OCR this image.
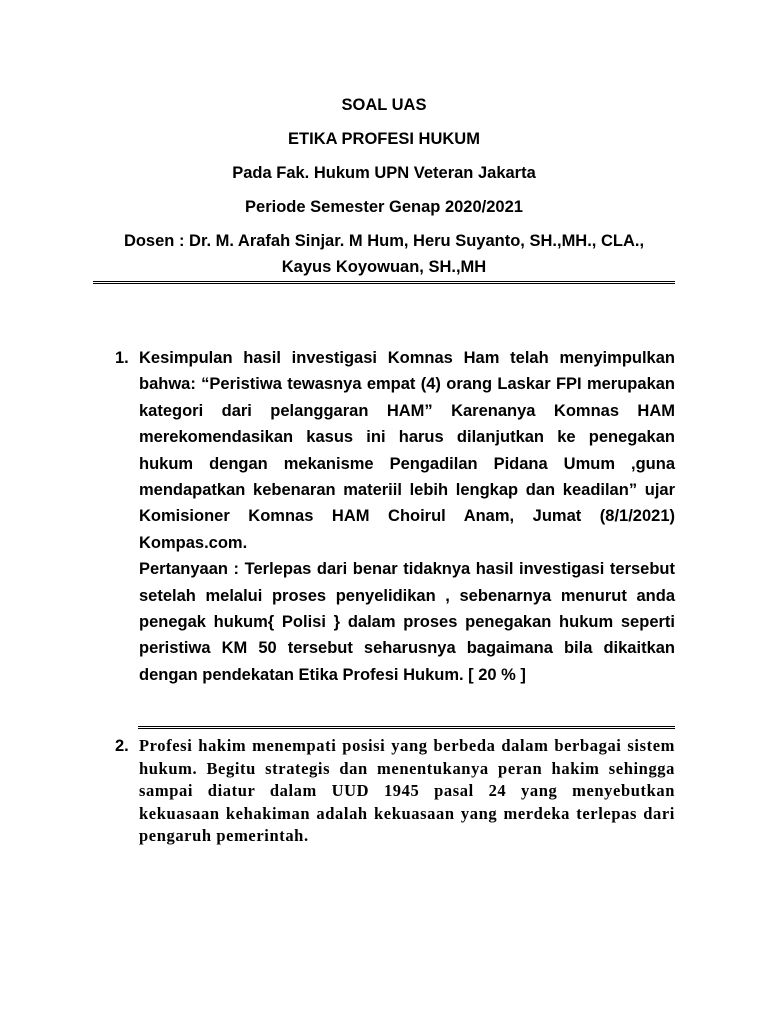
SOAL UAS
ETIKA PROFESI HUKUM
Pada Fak. Hukum UPN Veteran Jakarta
Periode Semester Genap 2020/2021
Dosen : Dr. M. Arafah Sinjar. M Hum, Heru Suyanto, SH.,MH., CLA.,
Kayus Koyowuan, SH.,MH
1. Kesimpulan hasil investigasi Komnas Ham telah menyimpulkan bahwa: “Peristiwa tewasnya empat (4) orang Laskar FPI merupakan kategori dari pelanggaran HAM” Karenanya Komnas HAM merekomendasikan kasus ini harus dilanjutkan ke penegakan hukum dengan mekanisme Pengadilan Pidana Umum ,guna mendapatkan kebenaran materiil lebih lengkap dan keadilan” ujar Komisioner Komnas HAM Choirul Anam, Jumat (8/1/2021) Kompas.com.

Pertanyaan : Terlepas dari benar tidaknya hasil investigasi tersebut setelah melalui proses penyelidikan , sebenarnya menurut anda penegak hukum{ Polisi } dalam proses penegakan hukum seperti peristiwa KM 50 tersebut seharusnya bagaimana bila dikaitkan dengan pendekatan Etika Profesi Hukum. [ 20 % ]

2. Profesi hakim menempati posisi yang berbeda dalam berbagai sistem hukum. Begitu strategis dan menentukanya peran hakim sehingga sampai diatur dalam UUD 1945 pasal 24 yang menyebutkan kekuasaan kehakiman adalah kekuasaan yang merdeka terlepas dari pengaruh pemerintah.
